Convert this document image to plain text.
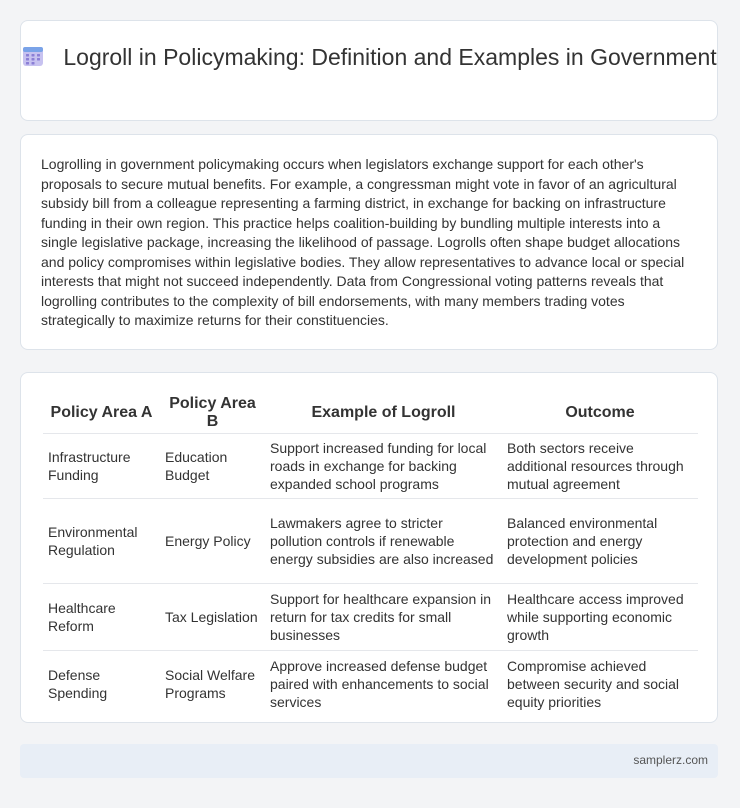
Logroll in Policymaking: Definition and Examples in Government

Logrolling in government policymaking occurs when legislators exchange support for each other's proposals to secure mutual benefits. For example, a congressman might vote in favor of an agricultural subsidy bill from a colleague representing a farming district, in exchange for backing on infrastructure funding in their own region. This practice helps coalition-building by bundling multiple interests into a single legislative package, increasing the likelihood of passage. Logrolls often shape budget allocations and policy compromises within legislative bodies. They allow representatives to advance local or special interests that might not succeed independently. Data from Congressional voting patterns reveals that logrolling contributes to the complexity of bill endorsements, with many members trading votes strategically to maximize returns for their constituencies.

Policy Area A	Policy Area B	Example of Logroll	Outcome
Infrastructure Funding	Education Budget	Support increased funding for local roads in exchange for backing expanded school programs	Both sectors receive additional resources through mutual agreement
Environmental Regulation	Energy Policy	Lawmakers agree to stricter pollution controls if renewable energy subsidies are also increased	Balanced environmental protection and energy development policies
Healthcare Reform	Tax Legislation	Support for healthcare expansion in return for tax credits for small businesses	Healthcare access improved while supporting economic growth
Defense Spending	Social Welfare Programs	Approve increased defense budget paired with enhancements to social services	Compromise achieved between security and social equity priorities
samplerz.com
